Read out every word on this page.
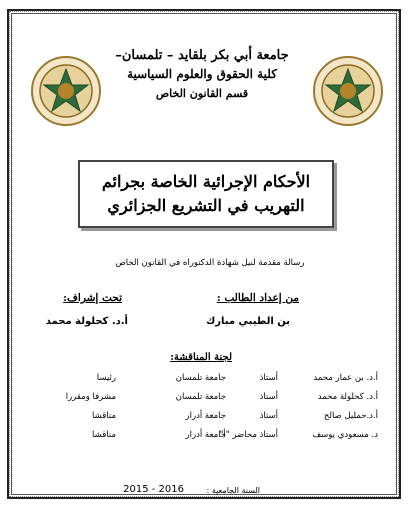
جامعة أبي بكر بلقايد – تلمسان–
كلية الحقوق والعلوم السياسية
قسم القانون الخاص
الأحكام الإجرائية الخاصة بجرائم
التهريب في التشريع الجزائري
رسالة مقدمة لنيل شهادة الدكتوراه في القانون الخاص
من إعداد الطالب :
تحت إشراف:
بن الطيبي مبارك
أ.د. كحلولة محمد
لجنة المناقشة:
أ.د. بن عمار محمد
أستاذ
جامعة تلمسان
رئيسا
أ.د. كحلولة محمد
أستاذ
جامعة تلمسان
مشرفا ومقررا
أ.د.حمليل صالح
أستاذ
جامعة أدرار
مناقشا
د. مسعودي يوسف
أستاذ محاضر "أ"
جامعة أدرار
مناقشا
السنة الجامعية :
2015 - 2016
